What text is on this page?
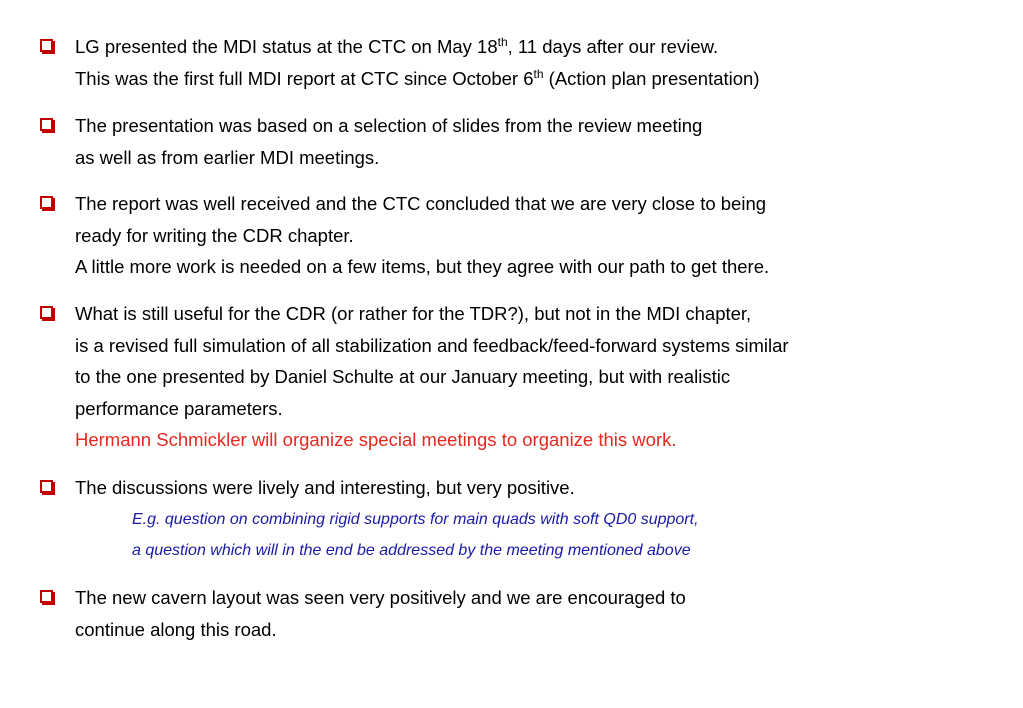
LG presented the MDI status at the CTC on May 18th, 11 days after our review.
This was the first full MDI report at CTC since October 6th (Action plan presentation)
The presentation was based on a selection of slides from the review meeting
as well as from earlier MDI meetings.
The report was well received and the CTC concluded that we are very close to being
ready for writing the CDR chapter.
A little more work is needed on a few items, but they agree with our path to get there.
What is still useful for the CDR (or rather for the TDR?), but not in the MDI chapter,
is a revised full simulation of all stabilization and feedback/feed-forward systems similar
to the one presented by Daniel Schulte at our January meeting, but with realistic
performance parameters.
Hermann Schmickler will organize special meetings to organize this work.
The discussions were lively and interesting, but very positive.
E.g. question on combining rigid supports for main quads with soft QD0 support,
a question which will in the end be addressed by the meeting mentioned above
The new cavern layout was seen very positively and we are encouraged to
continue along this road.
